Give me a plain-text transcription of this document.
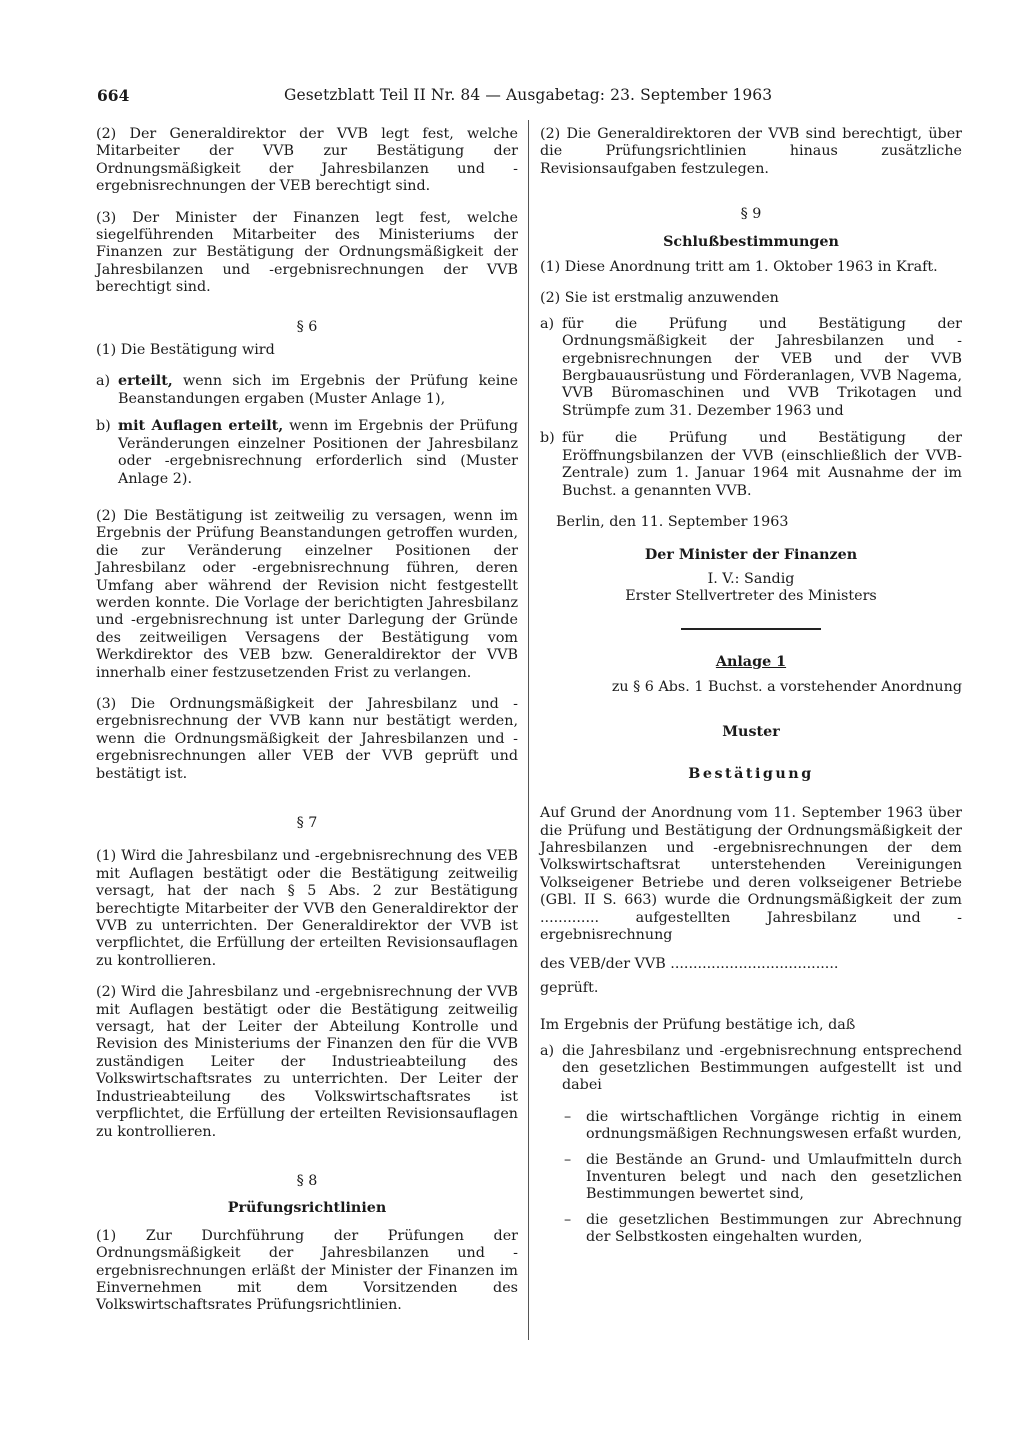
664	Gesetzblatt Teil II Nr. 84 — Ausgabetag: 23. September 1963

(2) Der Generaldirektor der VVB legt fest, welche Mitarbeiter der VVB zur Bestätigung der Ordnungsmäßigkeit der Jahresbilanzen und -ergebnisrechnungen der VEB berechtigt sind.

(3) Der Minister der Finanzen legt fest, welche siegelführenden Mitarbeiter des Ministeriums der Finanzen zur Bestätigung der Ordnungsmäßigkeit der Jahresbilanzen und -ergebnisrechnungen der VVB berechtigt sind.

§ 6

(1) Die Bestätigung wird

a) erteilt, wenn sich im Ergebnis der Prüfung keine Beanstandungen ergaben (Muster Anlage 1),
b) mit Auflagen erteilt, wenn im Ergebnis der Prüfung Veränderungen einzelner Positionen der Jahresbilanz oder -ergebnisrechnung erforderlich sind (Muster Anlage 2).

(2) Die Bestätigung ist zeitweilig zu versagen, wenn im Ergebnis der Prüfung Beanstandungen getroffen wurden, die zur Veränderung einzelner Positionen der Jahresbilanz oder -ergebnisrechnung führen, deren Umfang aber während der Revision nicht festgestellt werden konnte. Die Vorlage der berichtigten Jahresbilanz und -ergebnisrechnung ist unter Darlegung der Gründe des zeitweiligen Versagens der Bestätigung vom Werkdirektor des VEB bzw. Generaldirektor der VVB innerhalb einer festzusetzenden Frist zu verlangen.

(3) Die Ordnungsmäßigkeit der Jahresbilanz und -ergebnisrechnung der VVB kann nur bestätigt werden, wenn die Ordnungsmäßigkeit der Jahresbilanzen und -ergebnisrechnungen aller VEB der VVB geprüft und bestätigt ist.

§ 7

(1) Wird die Jahresbilanz und -ergebnisrechnung des VEB mit Auflagen bestätigt oder die Bestätigung zeitweilig versagt, hat der nach § 5 Abs. 2 zur Bestätigung berechtigte Mitarbeiter der VVB den Generaldirektor der VVB zu unterrichten. Der Generaldirektor der VVB ist verpflichtet, die Erfüllung der erteilten Revisionsauflagen zu kontrollieren.

(2) Wird die Jahresbilanz und -ergebnisrechnung der VVB mit Auflagen bestätigt oder die Bestätigung zeitweilig versagt, hat der Leiter der Abteilung Kontrolle und Revision des Ministeriums der Finanzen den für die VVB zuständigen Leiter der Industrieabteilung des Volkswirtschaftsrates zu unterrichten. Der Leiter der Industrieabteilung des Volkswirtschaftsrates ist verpflichtet, die Erfüllung der erteilten Revisionsauflagen zu kontrollieren.

§ 8
Prüfungsrichtlinien

(1) Zur Durchführung der Prüfungen der Ordnungsmäßigkeit der Jahresbilanzen und -ergebnisrechnungen erläßt der Minister der Finanzen im Einvernehmen mit dem Vorsitzenden des Volkswirtschaftsrates Prüfungsrichtlinien.

(2) Die Generaldirektoren der VVB sind berechtigt, über die Prüfungsrichtlinien hinaus zusätzliche Revisionsaufgaben festzulegen.

§ 9
Schlußbestimmungen

(1) Diese Anordnung tritt am 1. Oktober 1963 in Kraft.

(2) Sie ist erstmalig anzuwenden

a) für die Prüfung und Bestätigung der Ordnungsmäßigkeit der Jahresbilanzen und -ergebnisrechnungen der VEB und der VVB Bergbauausrüstung und Förderanlagen, VVB Nagema, VVB Büromaschinen und VVB Trikotagen und Strümpfe zum 31. Dezember 1963 und
b) für die Prüfung und Bestätigung der Eröffnungsbilanzen der VVB (einschließlich der VVB-Zentrale) zum 1. Januar 1964 mit Ausnahme der im Buchst. a genannten VVB.

Berlin, den 11. September 1963

Der Minister der Finanzen
I. V.: Sandig
Erster Stellvertreter des Ministers
Anlage 1
zu § 6 Abs. 1 Buchst. a vorstehender Anordnung
Muster
Bestätigung

Auf Grund der Anordnung vom 11. September 1963 über die Prüfung und Bestätigung der Ordnungsmäßigkeit der Jahresbilanzen und -ergebnisrechnungen der dem Volkswirtschaftsrat unterstehenden Vereinigungen Volkseigener Betriebe und deren volkseigener Betriebe (GBl. II S. 663) wurde die Ordnungsmäßigkeit der zum ............. aufgestellten Jahresbilanz und -ergebnisrechnung

des VEB/der VVB .....................................

geprüft.

Im Ergebnis der Prüfung bestätige ich, daß

a) die Jahresbilanz und -ergebnisrechnung entsprechend den gesetzlichen Bestimmungen aufgestellt ist und dabei
–	die wirtschaftlichen Vorgänge richtig in einem ordnungsmäßigen Rechnungswesen erfaßt wurden,
–	die Bestände an Grund- und Umlaufmitteln durch Inventuren belegt und nach den gesetzlichen Bestimmungen bewertet sind,
–	die gesetzlichen Bestimmungen zur Abrechnung der Selbstkosten eingehalten wurden,
